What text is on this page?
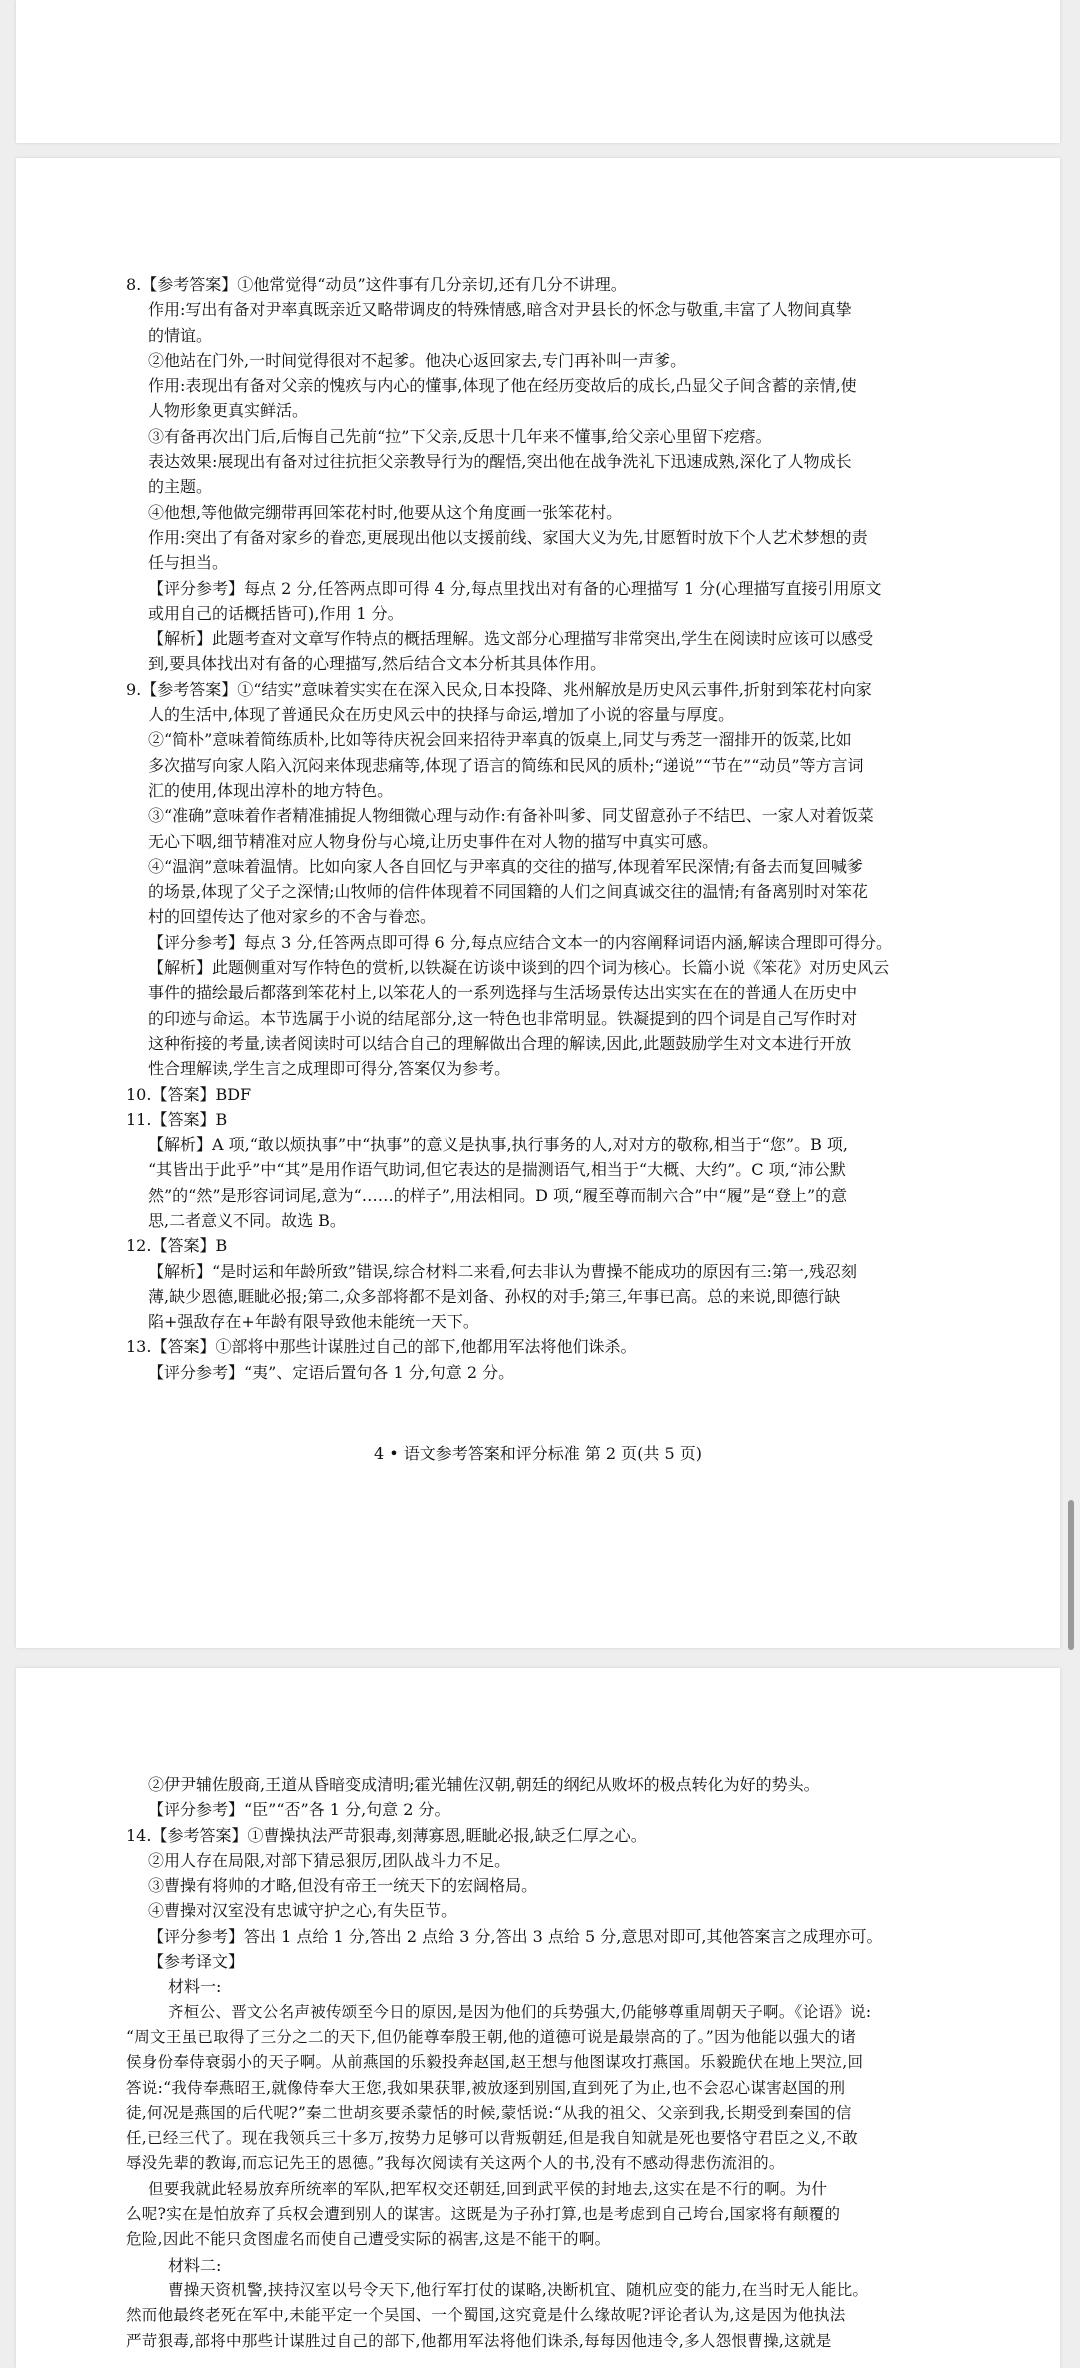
8.【参考答案】①他常觉得“动员”这件事有几分亲切,还有几分不讲理。
作用:写出有备对尹率真既亲近又略带调皮的特殊情感,暗含对尹县长的怀念与敬重,丰富了人物间真挚
的情谊。
②他站在门外,一时间觉得很对不起爹。他决心返回家去,专门再补叫一声爹。
作用:表现出有备对父亲的愧疚与内心的懂事,体现了他在经历变故后的成长,凸显父子间含蓄的亲情,使
人物形象更真实鲜活。
③有备再次出门后,后悔自己先前“拉”下父亲,反思十几年来不懂事,给父亲心里留下疙瘩。
表达效果:展现出有备对过往抗拒父亲教导行为的醒悟,突出他在战争洗礼下迅速成熟,深化了人物成长
的主题。
④他想,等他做完绷带再回笨花村时,他要从这个角度画一张笨花村。
作用:突出了有备对家乡的眷恋,更展现出他以支援前线、家国大义为先,甘愿暂时放下个人艺术梦想的责
任与担当。
【评分参考】每点 2 分,任答两点即可得 4 分,每点里找出对有备的心理描写 1 分(心理描写直接引用原文
或用自己的话概括皆可),作用 1 分。
【解析】此题考查对文章写作特点的概括理解。选文部分心理描写非常突出,学生在阅读时应该可以感受
到,要具体找出对有备的心理描写,然后结合文本分析其具体作用。
9.【参考答案】①“结实”意味着实实在在深入民众,日本投降、兆州解放是历史风云事件,折射到笨花村向家
人的生活中,体现了普通民众在历史风云中的抉择与命运,增加了小说的容量与厚度。
②“简朴”意味着简练质朴,比如等待庆祝会回来招待尹率真的饭桌上,同艾与秀芝一溜排开的饭菜,比如
多次描写向家人陷入沉闷来体现悲痛等,体现了语言的简练和民风的质朴;“递说”“节在”“动员”等方言词
汇的使用,体现出淳朴的地方特色。
③“准确”意味着作者精准捕捉人物细微心理与动作:有备补叫爹、同艾留意孙子不结巴、一家人对着饭菜
无心下咽,细节精准对应人物身份与心境,让历史事件在对人物的描写中真实可感。
④“温润”意味着温情。比如向家人各自回忆与尹率真的交往的描写,体现着军民深情;有备去而复回喊爹
的场景,体现了父子之深情;山牧师的信件体现着不同国籍的人们之间真诚交往的温情;有备离别时对笨花
村的回望传达了他对家乡的不舍与眷恋。
【评分参考】每点 3 分,任答两点即可得 6 分,每点应结合文本一的内容阐释词语内涵,解读合理即可得分。
【解析】此题侧重对写作特色的赏析,以铁凝在访谈中谈到的四个词为核心。长篇小说《笨花》对历史风云
事件的描绘最后都落到笨花村上,以笨花人的一系列选择与生活场景传达出实实在在的普通人在历史中
的印迹与命运。本节选属于小说的结尾部分,这一特色也非常明显。铁凝提到的四个词是自己写作时对
这种衔接的考量,读者阅读时可以结合自己的理解做出合理的解读,因此,此题鼓励学生对文本进行开放
性合理解读,学生言之成理即可得分,答案仅为参考。
10.【答案】BDF
11.【答案】B
【解析】A 项,“敢以烦执事”中“执事”的意义是执事,执行事务的人,对对方的敬称,相当于“您”。B 项,
“其皆出于此乎”中“其”是用作语气助词,但它表达的是揣测语气,相当于“大概、大约”。C 项,“沛公默
然”的“然”是形容词词尾,意为“……的样子”,用法相同。D 项,“履至尊而制六合”中“履”是“登上”的意
思,二者意义不同。故选 B。
12.【答案】B
【解析】“是时运和年龄所致”错误,综合材料二来看,何去非认为曹操不能成功的原因有三:第一,残忍刻
薄,缺少恩德,睚眦必报;第二,众多部将都不是刘备、孙权的对手;第三,年事已高。总的来说,即德行缺
陷+强敌存在+年龄有限导致他未能统一天下。
13.【答案】①部将中那些计谋胜过自己的部下,他都用军法将他们诛杀。
【评分参考】“夷”、定语后置句各 1 分,句意 2 分。
4 • 语文参考答案和评分标准 第 2 页(共 5 页)
②伊尹辅佐殷商,王道从昏暗变成清明;霍光辅佐汉朝,朝廷的纲纪从败坏的极点转化为好的势头。
【评分参考】“臣”“否”各 1 分,句意 2 分。
14.【参考答案】①曹操执法严苛狠毒,刻薄寡恩,睚眦必报,缺乏仁厚之心。
②用人存在局限,对部下猜忌狠厉,团队战斗力不足。
③曹操有将帅的才略,但没有帝王一统天下的宏阔格局。
④曹操对汉室没有忠诚守护之心,有失臣节。
【评分参考】答出 1 点给 1 分,答出 2 点给 3 分,答出 3 点给 5 分,意思对即可,其他答案言之成理亦可。
【参考译文】
材料一:
齐桓公、晋文公名声被传颂至今日的原因,是因为他们的兵势强大,仍能够尊重周朝天子啊。《论语》说:
“周文王虽已取得了三分之二的天下,但仍能尊奉殷王朝,他的道德可说是最崇高的了。”因为他能以强大的诸
侯身份奉侍衰弱小的天子啊。从前燕国的乐毅投奔赵国,赵王想与他图谋攻打燕国。乐毅跪伏在地上哭泣,回
答说:“我侍奉燕昭王,就像侍奉大王您,我如果获罪,被放逐到别国,直到死了为止,也不会忍心谋害赵国的刑
徒,何况是燕国的后代呢?”秦二世胡亥要杀蒙恬的时候,蒙恬说:“从我的祖父、父亲到我,长期受到秦国的信
任,已经三代了。现在我领兵三十多万,按势力足够可以背叛朝廷,但是我自知就是死也要恪守君臣之义,不敢
辱没先辈的教诲,而忘记先王的恩德。”我每次阅读有关这两个人的书,没有不感动得悲伤流泪的。
但要我就此轻易放弃所统率的军队,把军权交还朝廷,回到武平侯的封地去,这实在是不行的啊。为什
么呢?实在是怕放弃了兵权会遭到别人的谋害。这既是为子孙打算,也是考虑到自己垮台,国家将有颠覆的
危险,因此不能只贪图虚名而使自己遭受实际的祸害,这是不能干的啊。
材料二:
曹操天资机警,挟持汉室以号令天下,他行军打仗的谋略,决断机宜、随机应变的能力,在当时无人能比。
然而他最终老死在军中,未能平定一个吴国、一个蜀国,这究竟是什么缘故呢?评论者认为,这是因为他执法
严苛狠毒,部将中那些计谋胜过自己的部下,他都用军法将他们诛杀,每每因他违令,多人怨恨曹操,这就是
